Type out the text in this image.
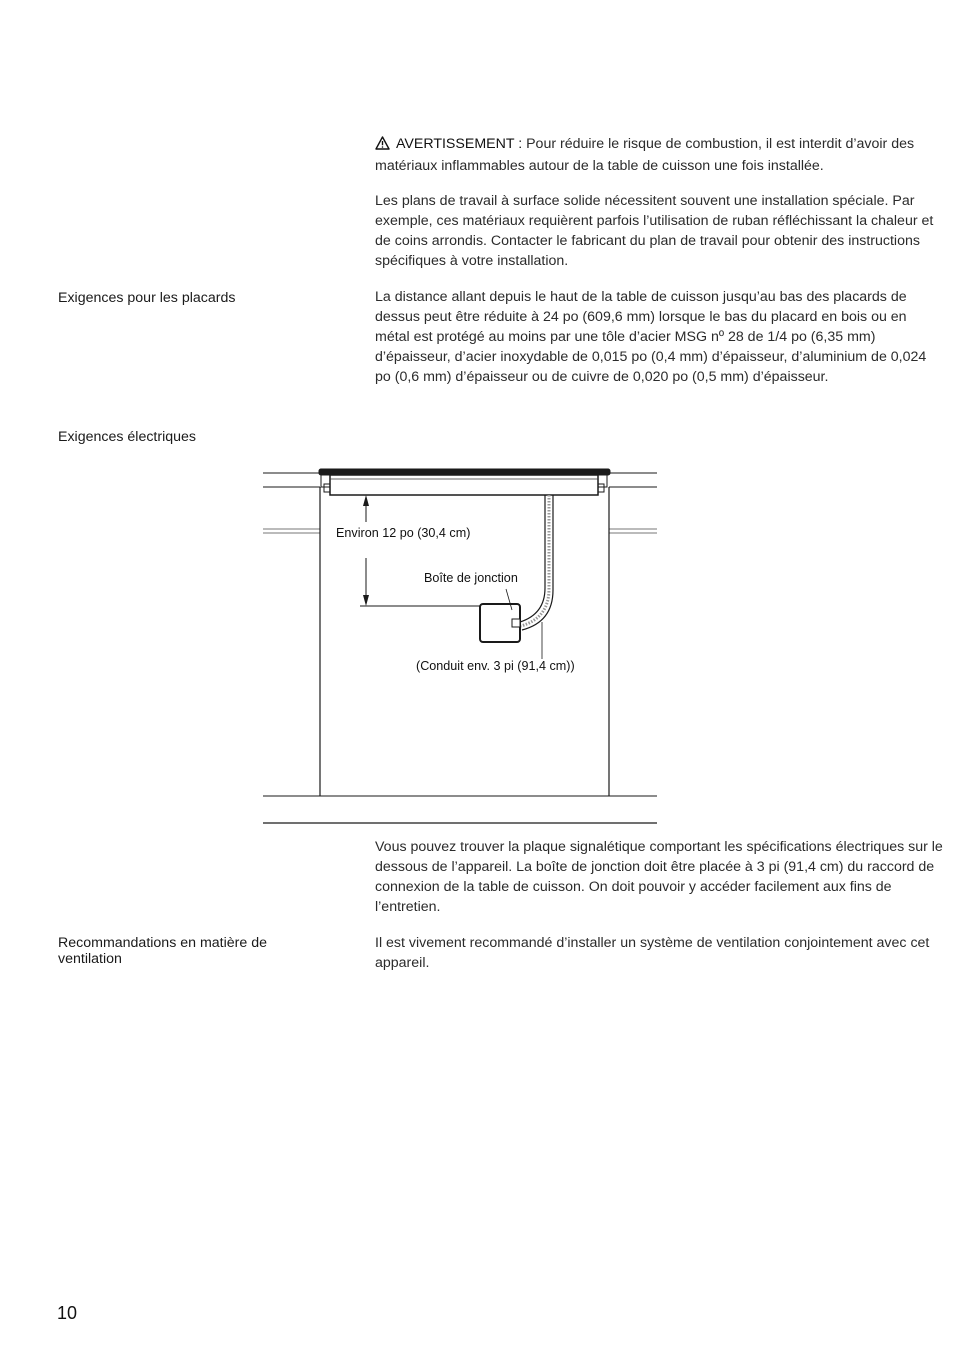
AVERTISSEMENT : Pour réduire le risque de combustion, il est interdit d’avoir des matériaux inflammables autour de la table de cuisson une fois installée.
Les plans de travail à surface solide nécessitent souvent une installation spéciale. Par exemple, ces matériaux requièrent parfois l’utilisation de ruban réfléchissant la chaleur et de coins arrondis. Contacter le fabricant du plan de travail pour obtenir des instructions spécifiques à votre installation.
Exigences pour les placards	La distance allant depuis le haut de la table de cuisson jusqu’au bas des placards de dessus peut être réduite à 24 po (609,6 mm) lorsque le bas du placard en bois ou en métal est protégé au moins par une tôle d’acier MSG nº 28 de 1/4 po (6,35 mm) d’épaisseur, d’acier inoxydable de 0,015 po (0,4 mm) d’épaisseur, d’aluminium de 0,024 po (0,6 mm) d’épaisseur ou de cuivre de 0,020 po (0,5 mm) d’épaisseur.
Exigences électriques
Environ 12 po (30,4 cm)
Boîte de jonction
(Conduit env. 3 pi (91,4 cm))
Vous pouvez trouver la plaque signalétique comportant les spécifications électriques sur le dessous de l’appareil. La boîte de jonction doit être placée à 3 pi (91,4 cm) du raccord de connexion de la table de cuisson. On doit pouvoir y accéder facilement aux fins de l’entretien.
Recommandations en matière de ventilation
Il est vivement recommandé d’installer un système de ventilation conjointement avec cet appareil.
10
